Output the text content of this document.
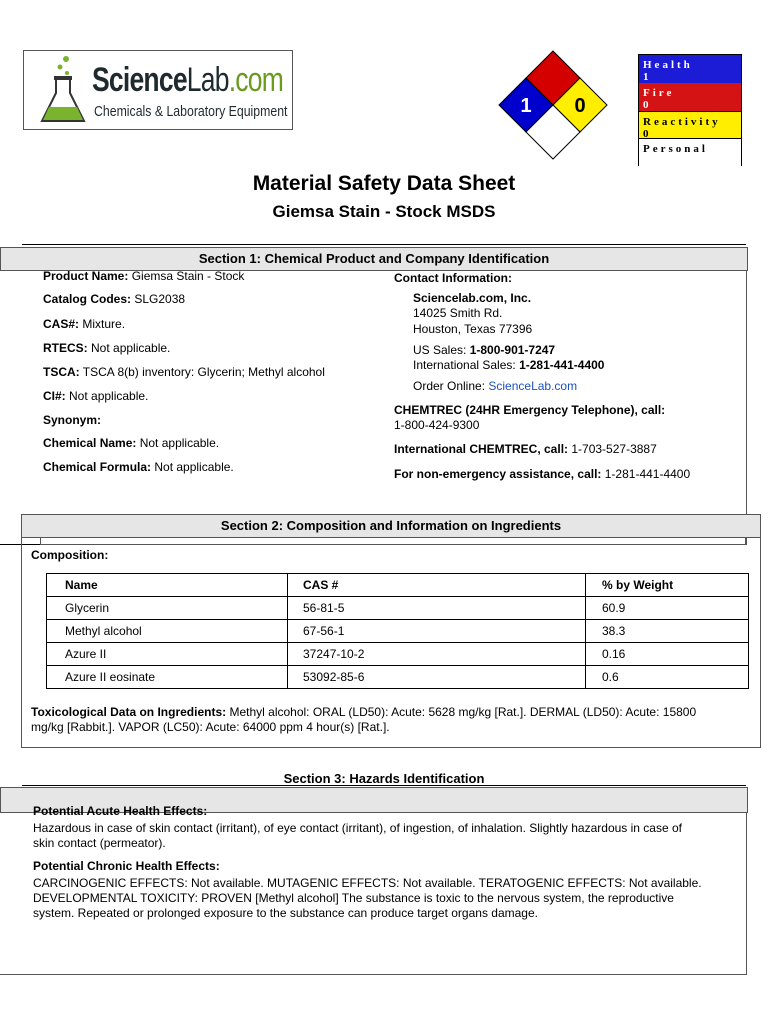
ScienceLab.com
Chemicals & Laboratory Equipment	1 0
Health
1
Fire
0
Reactivity
0
Personal
Material Safety Data Sheet
Giemsa Stain - Stock MSDS
Section 1: Chemical Product and Company Identification
Product Name: Giemsa Stain - Stock
Catalog Codes: SLG2038
CAS#: Mixture.
RTECS: Not applicable.
TSCA: TSCA 8(b) inventory: Glycerin; Methyl alcohol
CI#: Not applicable.
Synonym:
Chemical Name: Not applicable.
Chemical Formula: Not applicable.
Contact Information:
Sciencelab.com, Inc.
14025 Smith Rd.
Houston, Texas 77396
US Sales: 1-800-901-7247
International Sales: 1-281-441-4400
Order Online: ScienceLab.com
CHEMTREC (24HR Emergency Telephone), call:
1-800-424-9300
International CHEMTREC, call: 1-703-527-3887
For non-emergency assistance, call: 1-281-441-4400
Section 2: Composition and Information on Ingredients
Composition:
Name	CAS #	% by Weight
Glycerin	56-81-5	60.9
Methyl alcohol	67-56-1	38.3
Azure II	37247-10-2	0.16
Azure II eosinate	53092-85-6	0.6
Toxicological Data on Ingredients: Methyl alcohol: ORAL (LD50): Acute: 5628 mg/kg [Rat.]. DERMAL (LD50): Acute: 15800
mg/kg [Rabbit.]. VAPOR (LC50): Acute: 64000 ppm 4 hour(s) [Rat.].
Section 3: Hazards Identification
Potential Acute Health Effects:
Hazardous in case of skin contact (irritant), of eye contact (irritant), of ingestion, of inhalation. Slightly hazardous in case of
skin contact (permeator).
Potential Chronic Health Effects:
CARCINOGENIC EFFECTS: Not available. MUTAGENIC EFFECTS: Not available. TERATOGENIC EFFECTS: Not available.
DEVELOPMENTAL TOXICITY: PROVEN [Methyl alcohol] The substance is toxic to the nervous system, the reproductive
system. Repeated or prolonged exposure to the substance can produce target organs damage.
